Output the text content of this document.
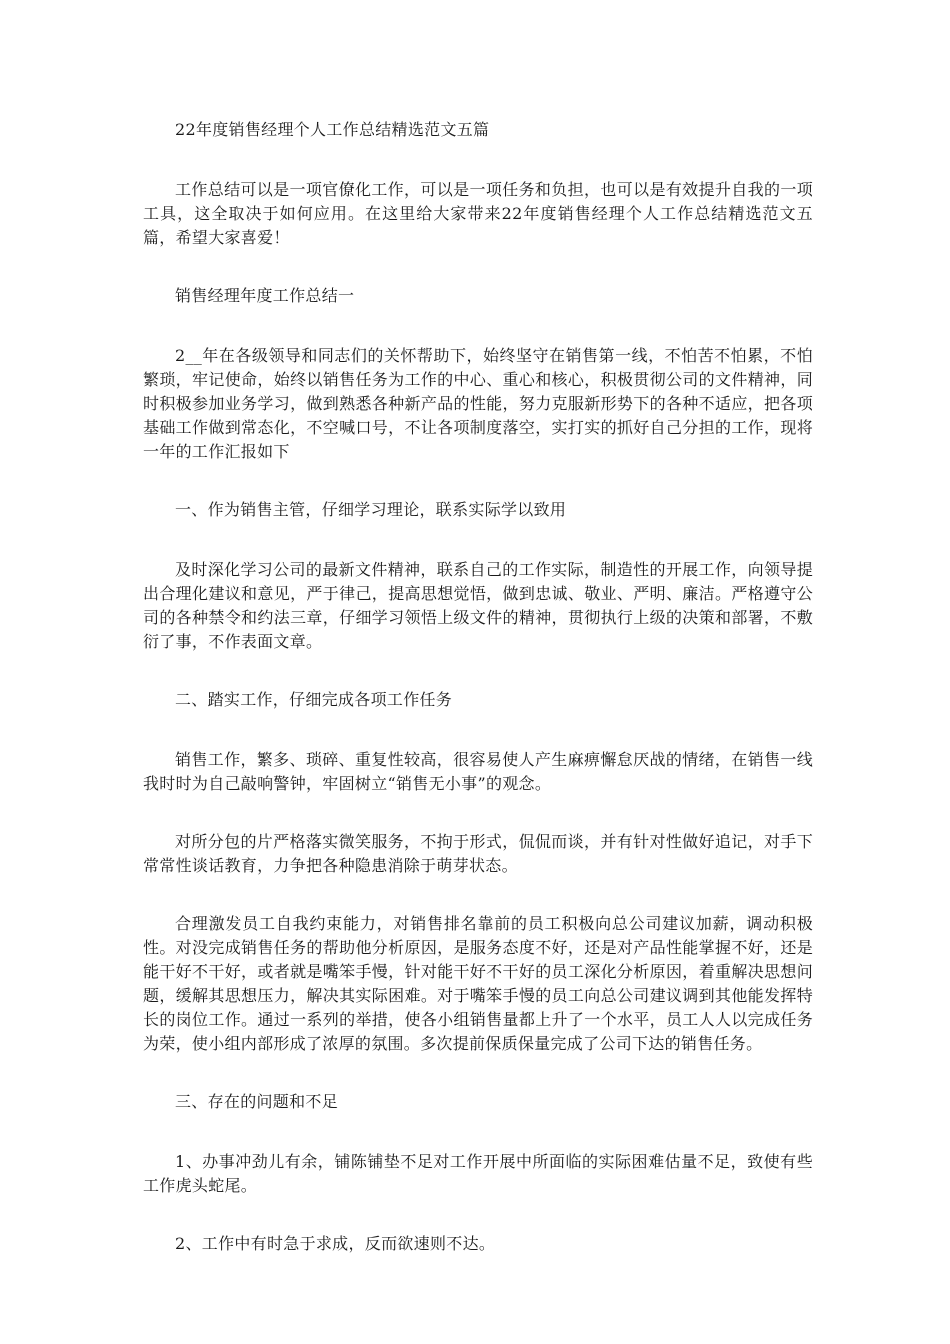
22年度销售经理个人工作总结精选范文五篇

工作总结可以是一项官僚化工作，可以是一项任务和负担，也可以是有效提升自我的一项工具，这全取决于如何应用。在这里给大家带来22年度销售经理个人工作总结精选范文五篇，希望大家喜爱！

销售经理年度工作总结一

2__年在各级领导和同志们的关怀帮助下，始终坚守在销售第一线，不怕苦不怕累，不怕繁琐，牢记使命，始终以销售任务为工作的中心、重心和核心，积极贯彻公司的文件精神，同时积极参加业务学习，做到熟悉各种新产品的性能，努力克服新形势下的各种不适应，把各项基础工作做到常态化，不空喊口号，不让各项制度落空，实打实的抓好自己分担的工作，现将一年的工作汇报如下

一、作为销售主管，仔细学习理论，联系实际学以致用

及时深化学习公司的最新文件精神，联系自己的工作实际，制造性的开展工作，向领导提出合理化建议和意见，严于律己，提高思想觉悟，做到忠诚、敬业、严明、廉洁。严格遵守公司的各种禁令和约法三章，仔细学习领悟上级文件的精神，贯彻执行上级的决策和部署，不敷衍了事，不作表面文章。

二、踏实工作，仔细完成各项工作任务

销售工作，繁多、琐碎、重复性较高，很容易使人产生麻痹懈怠厌战的情绪，在销售一线我时时为自己敲响警钟，牢固树立“销售无小事”的观念。

对所分包的片严格落实微笑服务，不拘于形式，侃侃而谈，并有针对性做好追记，对手下常常性谈话教育，力争把各种隐患消除于萌芽状态。

合理激发员工自我约束能力，对销售排名靠前的员工积极向总公司建议加薪，调动积极性。对没完成销售任务的帮助他分析原因，是服务态度不好，还是对产品性能掌握不好，还是能干好不干好，或者就是嘴笨手慢，针对能干好不干好的员工深化分析原因，着重解决思想问题，缓解其思想压力，解决其实际困难。对于嘴笨手慢的员工向总公司建议调到其他能发挥特长的岗位工作。通过一系列的举措，使各小组销售量都上升了一个水平，员工人人以完成任务为荣，使小组内部形成了浓厚的氛围。多次提前保质保量完成了公司下达的销售任务。

三、存在的问题和不足

1、办事冲劲儿有余，铺陈铺垫不足对工作开展中所面临的实际困难估量不足，致使有些工作虎头蛇尾。

2、工作中有时急于求成，反而欲速则不达。
